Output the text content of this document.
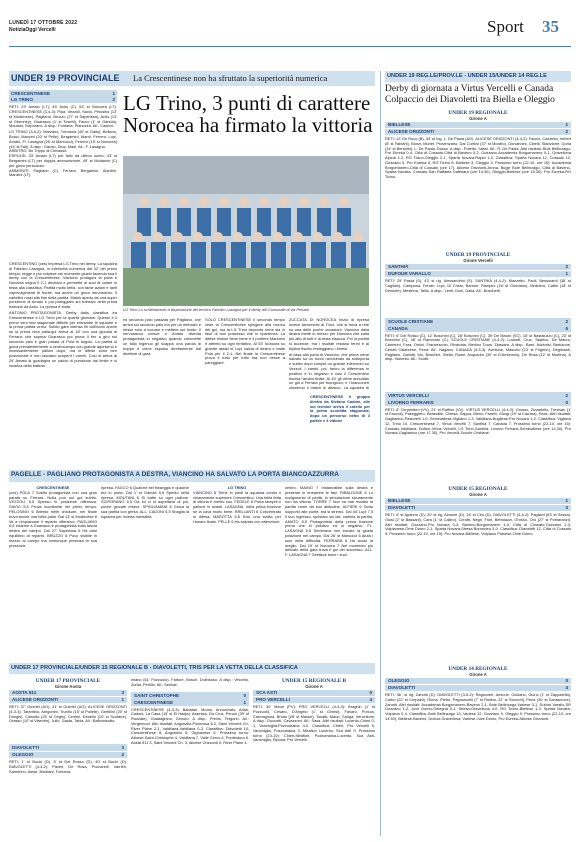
LUNEDÌ 17 OTTOBRE 2022
NotiziaOggi Vercelli	Sport 35
UNDER 19 PROVINCIALE La Crescentinese non ha sfruttato la superiorità numerica
LG Trino, 3 punti di carattere
Norocea ha firmato la vittoria
CRESCENTINESE	1
LG TRINO	2
RETI: 29' Amato (LT), 45' Acito (C), 53' st Norocea (LT). CRESCENTINESE (3-4-3): Pola, Vezzoli, Savio, Pelosino (13' st Modenese), Pagliano, Bruzzo (27' st Saperissa), Acito (13' st Ghenney), Guarasco (1' st Tosetti), Facco (1' st Gariola), Moutani, Sciporano. A disp.: Fontana, Pianozza. All.: Cadoni.
LG TRINO (3-5-2): Marzano, Trerotola (40' st Gaito), Bellano, Bonzi, Manzini (20' st Pelle), Bergamini, Aiardi, Ferrero, Lupi, Amato, Fl. Lasagna (26' st Marcucci), Ferrero (19' st Norocea) (44' st Fall). A disp.: Garolo, Diop, Masi. All.: F. Lasagna.
ARBITRO: Bo Trippo di Chivasso.
ESPULSI: 33' Amato (LT) per fallo da ultimo uomo, 43' st Bergamini (LT) per doppia ammonizione, 49' st Modanini (C) per gioco pericoloso.
AMMONITI: Pagliano (C), Ferrara, Bergamini, Aiardini, Manzini (LT).

CRESCENTINO (ces) Impresa LG Trino nel derby. La squadra di Fabrizio Lasagna, in inferiorità numerica dal 32' del primo tempo, regge e poi colpisce nel momento giusto facendo sua il derby con la Crescentinese. Viancino protagoni la porta e Norocea segna il 2-1 decisivo e permette ai suoi di volare in testa alla classifica. Partita molto bella, con tante azioni e tanti capovolgimenti di fronte, ma anche un gioco nervosismo: 3 cartellini rossi alla fine della partita. Match aperto da una super punizione di Amato e poi pareggiato sul transivo della prima frazione da Acito. La ripresa è stata

ANTONIO PROTAGONISTA. Derby dalla classifica tra Crescentinese e LG Trino per la quarta giornata. Questo è il primo vero test stagionale difficile per entrambe le squadre e la prima partita verso. Subito gara intensa fin dall'inizio anche se la prima vera palla-gol arriva al 18' con una giocata di Ferrara, che supera Guarasco poi prova il tiro a giro sul secondo palo e gran parata di Pola in angolo. La partita si gioca prevalentemente a centrocampo con grande agonismo e incessantemente palloni dopo, ma le difese sono ben posizionate e non lasciano scoperti i varchi. Così si arriva al 29' Amato si guadagna un calcio di punizione dal limite e si incarica della battuta.

LG Trino Lo schieramento a disposizione del tecnico Fabrizio Lasagna per il derby del Comunale di via Peruzio

ed secondo palo passata per Pagliano, che arriva sul secondo palo ma per un rimbalzo e riesce solo a toccare e mettere sul fondo. Il nervosismo cresce e Amato diventa protagonista in negativo quando commette un fallo ingenuo gli scappa una parola di troppo e viene espulso direttamente dal direttore di gara.

SOLO CRESCENTINESE Il secondo tempo vede la Crescentinese spingere alla ricerca del gol, ma la LG Trino risponde bene sia in fase di non possesso che in ripartenza. La difesa trinese tiene bene e il portiere Marzano è attento su ogni tentativo. Al 53' Norocea su grande assist di Lupi calcia di destro e batte Pola per il 2-1. Nel finale la Crescentinese prova il tutto per tutto ma non riesce a pareggiare.

ZUCCATA DI NOROCEA Inizio di ripresa invece favorevole al Trino, che si trova a rete su una delle poche occasioni: Viancino dalla destra mette in mezzo per Norocea che salta più alto di tutti e di testa insacca. Poi la partita si accende, ma i risultati restano fermi e al triplice fischio festeggiano i trinesi.

di casa alla porta di Viancino, che prima viene salvato su un tocco ravvicinato da sottoporta e subito dopo compie un grande intervento su Vezzoli. I cambi, poi, fanno la differenza in positivo e in negativo e così il Crescentino rischia l'amaro finale. Al 43' gli viene annullato un gol a Ferrara per fuorigioco, e i bianconeri chiudono il match in attacco. La squadra di

CRESCENTINESE Il gruppo diretto da Stefano Cadoni, alle sul termine arriva il cotello per la prima sconfitta stagionale, dopo un percorso netto di 3 partite e 3 vittorie
PAGELLE - PAGLIANO PROTAGONISTA A DESTRA, VIANCINO HA SALVATO LA PORTA BIANCOAZZURRA
CRESCENTINESE

(ces) POLA 7 Subito protagonista con una gran parata su Ferrara. Nulla può sul gol subito. VEZZOLI 6,5 Spesso in posizione difensiva. SAVIO 5,5 Prova incostante nel primo tempo. PELOSINO 6 Attento nelle chiusure, nel finale trova anche una bella palla. Dal 13' st Modenese 6 Va a rimpiazzare il reparto offensivo. PAGLIANO 6,5 Insieme a Guarasco è protagonista sulla fascia destra del campo. Dal 27' Saperissa 6 Ha dato equilibrio al reparto. BRUZZO 6 Poco visibile in mezzo al campo ma comunque preziosa la sua presenza.

ripresa. FACCO 6 Qualche bel fraseggio e qualche tiro in porta. Dal 1' st Gariola 5,5 Spento nella ripresa. MOUTANI 6 Si batte su ogni pallone. SCIPORANO 5,5 Da lui ci si aspettava di più, poche giocate chiave. SPIGLIAMANI 6 Gioca la sua partita con grinta. ALL. CADONI 5,5 Sbaglia la squadra per incerta mentalità.

LG TRINO

VIANCINO 8 Tiene in piedi la squadra contro il chiaramente superiore Crescentino. Una bella fetta di vittoria è merito suo. FEDELE 6 Porta sempre il pallone in avanti. LASAGNA, nella prima frazione se la cava molto bene. BRILLANTI 6 Concentrato in difesa. MAROTTA 6,5 Solo una svista per l'amaro finale. PELLE 6 Ha salvato con attenzione.

centro. MAINO 7 Instancabile sulla destra e presente in entrambe le fasi. RIBALDONE 6 Lo svolgimento di parità, in simulazione sicuramente non da vittoria. TORRE 7 Non ha mai mollato la partita come da suo abitudine. ALFIERI 6 Tanto supporto alle punte, ma si stremò. Dal 44' Lupi 7,5 Il suo ingresso, spostato sui lati, cambia la partita. AMATO 5,5 Protagonista della prima frazione prima che in positivo ed in negativo. FL. LASAGNA 5,5 Sembrava non trovare la giusta posizione nel campo. Dal 26' st Marcucci 6 Aiuta i suoi nella difficoltà. FERRARA 6 Ha avuto la meglio. Dal 19' st Norocea 7 Nel momento più delicato della gara trova il gol del successo. ALL. F. LASAGNA 7 Gestisce bene i suoi.

UNDER 19 REG.LE/PROV.LE - UNDER 15/UNDER 14 REG.LE
Derby di giornata a Virtus Vercelli e Canada
Colpaccio dei Diavoletti tra Biella e Oleggio
UNDER 19 REGIONALE
Girone A
BIELLESE	1
ALICESE ORIZZONTI	2
RETI: 12' De Ruvo (B), 34' st Ing, L. De Paola (AO). ALICESE ORIZZONTI (4-4-2): Faccio, Cazzetto, Imbert (8' st Fabiani), Bonzi, Muner, Provenzano, Dal Cortivo (37' st Moraro), Giovannini, Cibelli, Stanzione, Gorla (34' st Bertolini), L. De Paola, Dosso. A disp.: Poletto, Sassi. All.: R. De Paola. Altri risultati: Bulé Bellinzago-Pro Eureka 0-4, Città di Cossato-Città di Baveno 0-2, Gozzano-Accademia Borgomanero 0-1, Gravellona Alpina 1-2, RG Ticino-Oleggio 2-1, Sparta Novara-Rapid 1-0. Classifica: Sparta Novara 12, Cossato 12, Gozzano 9, Pro Eureka 8, RG Ticino 6, Biellese 3, Oleggio 3. Prossimo turno (22-10, ore 15): Accademia Borgomanero-Città di Cossato (ore 17), Alicese Orizzonti-Arona, Bugie Bulé Bellinzago, Città di Baveno-Sparta Novara, Cossato-San Raffaele-Gattinara (ore 14.30), Oleggio-Biellese (ore 18.30), Pro Eureka-RG Ticino.
UNDER 19 PROVINCIALE
Girone Vercelli
SANTHIÀ	2
DUFOUR VARALLO	1
RETI: 29' Pasta (S), 43' st rig. Alessandrini (S). SANTHIÀ (4-4-2): Mazzetto, Paoli, Bessinardi (38' st Cagliani), Campana, Ferrari, Lupi, Di Cristo, Barone, Rampini (16' st Giordano), Molinero, Cattin (18' st Dimonte), Mestrina, Tallio. A disp.: Lenti, Doni, Dalla. All.: Boschetti.
SCUOLE CRISTIANE	2
CANADA	6
RETI: 6' Del Rosso (C), 12' Boschini (C), 28' Boschini (C), 39' De Mauro (SC), 18' st Bastaluzzo (C), 23' st Boschini (C), 46' st Ramondo (C). SCUOLE CRISTIANE (4-4-2): Lucardi, Cruz, Talarico, De Mauro, Camerini, Fara, Orsini, Franceschin, Rivarotta, Merlino Tours, Diawara. A disp.: Barri, Addorisi, Bertolone, Cerutti Calabrese, Pena. All.: Nagano. CANADA (4-3-3): Avellone, Mascolo (23' st Frigerio), Deglisanti, Pagliano, Galiotti, Mo, Boschini, Stella, Rossi, Acquadro (30' st D'Ambrosio), De Rosa (12' st Murtina). A disp.: Bonetto. All.: Scotti.
VIRTUS VERCELLI	2
LIVORNO FERRARIS	0
RETI: 8' Cerpentieri (VV), 21' st Ruffino (VV). VIRTUS VERCELLI (4-4-2): Grosso, Zizzariello, Trevisan (1' st Faccoli), Paseggiero, Baravalle, Chiesa, Sappa, Bierci, Fanelli, Giorgi (19' st Carrara), Pace. Altri risultati: Gaglianico-Pastorelli 1-0, Serravallese-Vigliano 1-3, Valdilana-Bugliese-Pro Novara 1-2. Classifica: Vigliano 12, Trino 10, Crescentinese 7, Virtus Vercelli 7, Santhià 7, Canada 7. Prossimo turno (22-10, ore 15): Cossato-Valdilana, Dufour-Virtus Vercelli, LG Trino-Santhià, Livorno Ferraris-Serravallese (ore 14.30), Pro Novara-Gaglianico (ore 17.30), Pro Vercelli-Scuole Cristiane.
UNDER 15 REGIONALE
Girone A
BIELLESE	1
DIAVOLETTI	3
RETI: 6' st Aparem (D), 20' st rig. Aimone (D), 24' st Ciro (D). DIAVOLETTI (4-4-2): Pagliani (63' st Sessa), Giusi (2' st Bassani), Cara (1' st Calliro), Cerutti, Negri, Fiori, Bertolazzi, Grosso, Oro (27' st Pomaranzi). Altri risultati: Gozzano-Pro Novara 0-3, Baveno-Borgomanero 4-0, Città di Cossato-Gozzano 2-3, Volpianese-Ome Domo 2-1, Sparta Novara-Stresa Borromeo 3-0. Classifica: Diavoletti 12, Città di Cossato 9. Prossimo turno (22-10, ore 15): Pro Novara-Biellese, Volpiano Pianese-Ome Domo.
UNDER 14 REGIONALE
Girone A
OLEGGIO	0
DIAVOLETTI	4
RETI: 36', st rig. Zanotti (D). DIAVOLETTI (3-5-2): Ragionieri, Amione, Giuliano, Giurci (1' st Zappatella), Carbo (22' st Crepaldi), Roma, Pietro, Pagnoncelli (7' st Rubba, 22' st Scocchi), Pena (30' st Santacroce), Zanotti. Altri risultati: Accademia Borgomanero-Baveno 2-1, Bulé Bellinzago-Varlese 3-1, Dufour Varallo-SR Gozzano 1-2, Juve Domo-Omegna 0-1, Stresa-Gravellona 4-0, RG Ticino-Biellese 1-3, Sparta Novara-Volpiano 0-4. Classifica: Bulé Bellinzago 13, Varlese 12, Gozzano 9, Oleggio 9. Prossimo turno (22-10, ore 14.30): Biellese-Baveno, Dufour-Gravellona, Varlese-Juve Domo, Pro Eureka-Alicese Orizzonti.
UNDER 17 PROVINCIALE/UNDER 15 REGIONALE B - DIAVOLETTI, TRIS PER LA VETTA DELLA CLASSIFICA
UNDER 17 PROVINCIALE
Girone Aosta
AOSTA 511	3
ALICESE ORIZZONTI	1
RETI: 37' Gueriel (AO), 41' st Gueriel (AO). ALICESE ORIZZONTI (4-3-3): Tarantino, Arrigonini, Trunfio (15' st Pollete), Gentilini (20' st Dongis), Cirisotto (25' st Ongis), Centini, Denello (10' st Scofane), Grasso (10' st Visentin), Julio, Gaida, Tarlia. All.: Balbonisotto.
DIAVOLETTI	3
OLEGGIO	2
RETI: 1' st Buchi (D), 5' st Del Rosso (D), 40' st Buchi (D). DIAVOLETTI (4-4-2): Paveri, De Rosa, Puccarelli, Varrieri, Samerino, Aiese, Boutiani, Fontana.
miano (61' Pozzuolo), Fattore, Busch, Dolinsoso. A disp.: Vecchio, Zurlia, Petrillo. All.: Senbat.
SAINT CHRISTOPHE	0
CRESCENTINESE	1
CRESCENTINESE (4-3-3): Babatan, Momo, Annunziato, Arias, Cadoni, La Casa (15' st El Hadja), Assessa, Da Cruz, Peroni (39' st Ruzzate), Guadagnino, Genuto. A disp.: Previs, Tergonn. All.: Vergemoni. Altri risultati: Angravillo-Poderosa 6-2, Saint Vincent Ch-River Plane 2-1, Valdilana-Valdilana 0-3. Classifica: Diavoletti 10, Crescentinese 8, Angravillo 8, Gignanese 6. Prossimo turno: Alicese-Saint Christophe 4, Valdilana 7, Valle Cervo 6, Pontestura 6. Aosta 511 3, Saint Vincent Ch. 3, Alicese Orizzonti 0, River Plane 4.
UNDER 15 REGIONALE B
Girone A
SCA ASTI	0
PRO VERCELLI	4
RETI: 30' Mauri (PV). PRO VERCELLI (4-3-3): Braghin (1' st Pozzuoli), Cesaro, D'Angelo (1' st Ginesi), Favaro, Porcus, Carmagnola, Brodo (28' st Marsel), Tosatti, Mauri, Sanga, Vercellone. A disp.: Duccotti, Cavazzoni. All.: Sasa. Altri risultati: Lucento-Chieri 0-1, Vanchiglia-Pozzomaina 4-0. Classifica: Chieri, Pro Vercelli 6, Vanchiglia, Pozzomaina 3, Mirafiori Lucento, Sca Asti 0. Prossimo turno (23-10): Chieri-Mirafiori, Pozzomaina-Lucento, Sca Asti-Vanchiglia, Riposa: Pro Vercelli.
